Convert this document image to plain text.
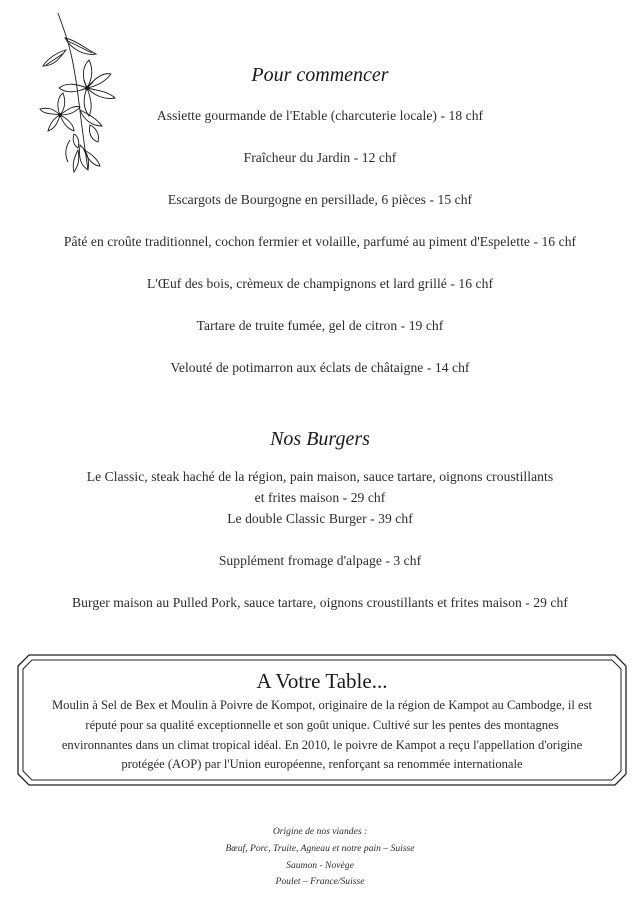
Pour commencer
Assiette gourmande de l'Etable (charcuterie locale) - 18 chf
Fraîcheur du Jardin - 12 chf
Escargots de Bourgogne en persillade, 6 pièces - 15 chf
Pâté en croûte traditionnel, cochon fermier et volaille, parfumé au piment d'Espelette - 16 chf
L'Œuf des bois, crèmeux de champignons et lard grillé - 16 chf
Tartare de truite fumée, gel de citron - 19 chf
Velouté de potimarron aux éclats de châtaigne - 14 chf
Nos Burgers
Le Classic, steak haché de la région, pain maison, sauce tartare, oignons croustillants
et frites maison - 29 chf
Le double Classic Burger - 39 chf
Supplément fromage d'alpage - 3 chf
Burger maison au Pulled Pork, sauce tartare, oignons croustillants et frites maison - 29 chf
A Votre Table...
Moulin à Sel de Bex et Moulin à Poivre de Kompot, originaire de la région de Kampot au Cambodge, il est
réputé pour sa qualité exceptionnelle et son goût unique. Cultivé sur les pentes des montagnes
environnantes dans un climat tropical idéal. En 2010, le poivre de Kampot a reçu l'appellation d'origine
protégée (AOP) par l'Union européenne, renforçant sa renommée internationale
Origine de nos viandes :
Bœuf, Porc, Truite, Agneau et notre pain – Suisse
Saumon - Novège
Poulet – France/Suisse
